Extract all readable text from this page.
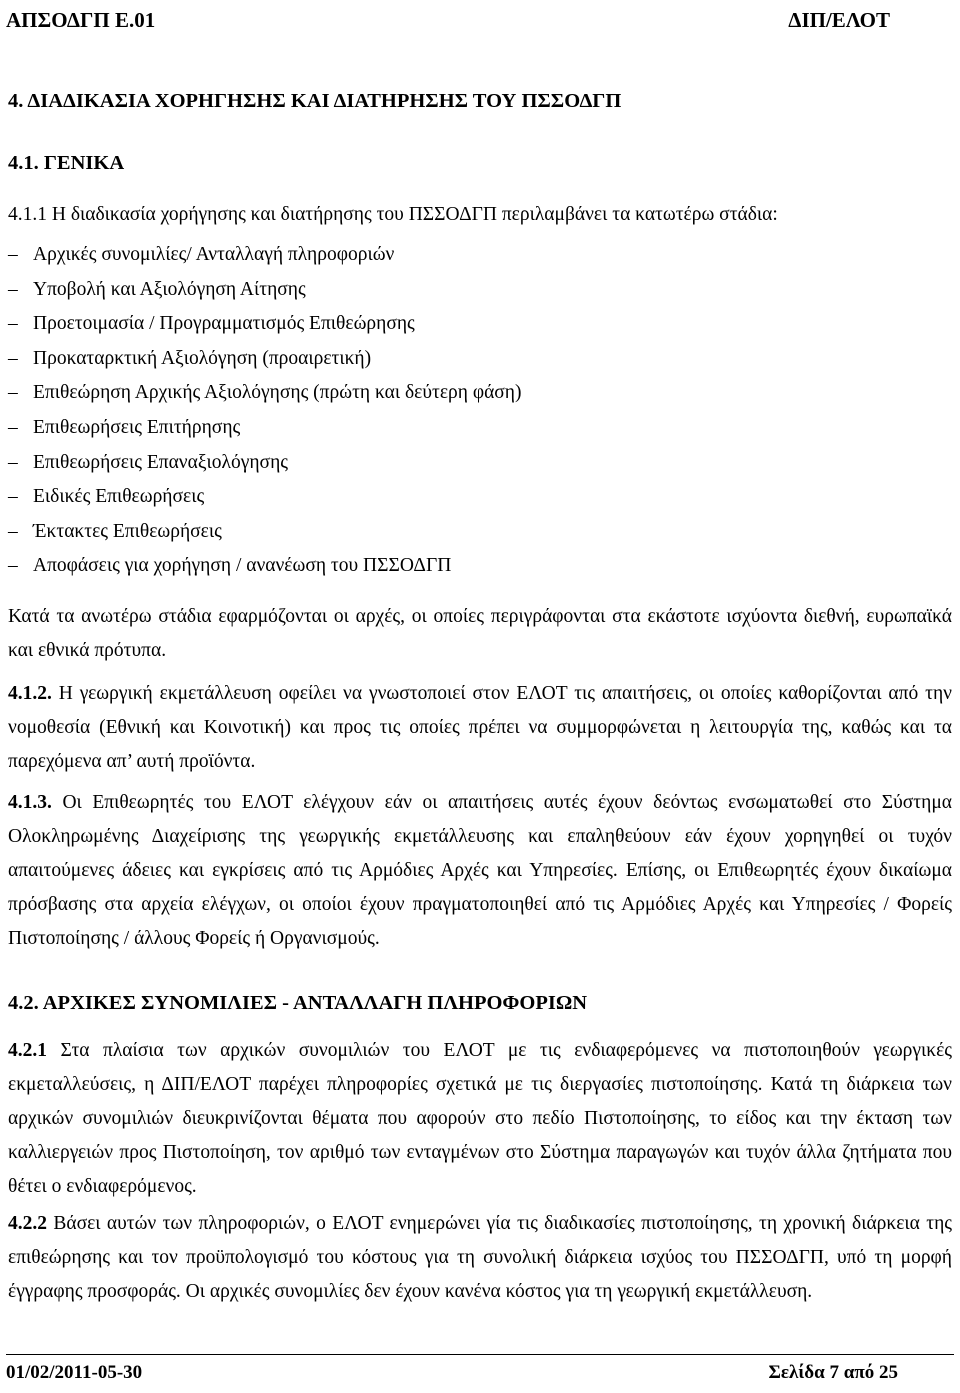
ΑΠΣΟΔΓΠ Ε.01	ΔΙΠ/ΕΛΟΤ
4. ΔΙΑΔΙΚΑΣΙΑ ΧΟΡΗΓΗΣΗΣ ΚΑΙ ΔΙΑΤΗΡΗΣΗΣ ΤΟΥ ΠΣΣΟΔΓΠ
4.1. ΓΕΝΙΚΑ
4.1.1 Η διαδικασία χορήγησης και διατήρησης του ΠΣΣΟΔΓΠ περιλαμβάνει τα κατωτέρω στάδια:
– Αρχικές συνομιλίες/ Ανταλλαγή πληροφοριών
– Υποβολή και Αξιολόγηση Αίτησης
– Προετοιμασία / Προγραμματισμός Επιθεώρησης
– Προκαταρκτική Αξιολόγηση (προαιρετική)
– Επιθεώρηση Αρχικής Αξιολόγησης (πρώτη και δεύτερη φάση)
– Επιθεωρήσεις Επιτήρησης
– Επιθεωρήσεις Επαναξιολόγησης
– Ειδικές Επιθεωρήσεις
– Έκτακτες Επιθεωρήσεις
– Αποφάσεις για χορήγηση / ανανέωση του ΠΣΣΟΔΓΠ
Κατά τα ανωτέρω στάδια εφαρμόζονται οι αρχές, οι οποίες περιγράφονται στα εκάστοτε ισχύοντα διεθνή, ευρωπαϊκά και εθνικά πρότυπα.
4.1.2. Η γεωργική εκμετάλλευση οφείλει να γνωστοποιεί στον ΕΛΟΤ τις απαιτήσεις, οι οποίες καθορίζονται από την νομοθεσία (Εθνική και Κοινοτική) και προς τις οποίες πρέπει να συμμορφώνεται η λειτουργία της, καθώς και τα παρεχόμενα απ’ αυτή προϊόντα.
4.1.3. Οι Επιθεωρητές του ΕΛΟΤ ελέγχουν εάν οι απαιτήσεις αυτές έχουν δεόντως ενσωματωθεί στο Σύστημα Ολοκληρωμένης Διαχείρισης της γεωργικής εκμετάλλευσης και επαληθεύουν εάν έχουν χορηγηθεί οι τυχόν απαιτούμενες άδειες και εγκρίσεις από τις Αρμόδιες Αρχές και Υπηρεσίες. Επίσης, οι Επιθεωρητές έχουν δικαίωμα πρόσβασης στα αρχεία ελέγχων, οι οποίοι έχουν πραγματοποιηθεί από τις Αρμόδιες Αρχές και Υπηρεσίες / Φορείς Πιστοποίησης / άλλους Φορείς ή Οργανισμούς.
4.2. ΑΡΧΙΚΕΣ ΣΥΝΟΜΙΛΙΕΣ - ΑΝΤΑΛΛΑΓΗ ΠΛΗΡΟΦΟΡΙΩΝ
4.2.1 Στα πλαίσια των αρχικών συνομιλιών του ΕΛΟΤ με τις ενδιαφερόμενες να πιστοποιηθούν γεωργικές εκμεταλλεύσεις, η ΔΙΠ/ΕΛΟΤ παρέχει πληροφορίες σχετικά με τις διεργασίες πιστοποίησης. Κατά τη διάρκεια των αρχικών συνομιλιών διευκρινίζονται θέματα που αφορούν στο πεδίο Πιστοποίησης, το είδος και την έκταση των καλλιεργειών προς Πιστοποίηση, τον αριθμό των ενταγμένων στο Σύστημα παραγωγών και τυχόν άλλα ζητήματα που θέτει ο ενδιαφερόμενος.
4.2.2 Βάσει αυτών των πληροφοριών, ο ΕΛΟΤ ενημερώνει γία τις διαδικασίες πιστοποίησης, τη χρονική διάρκεια της επιθεώρησης και τον προϋπολογισμό του κόστους για τη συνολική διάρκεια ισχύος του ΠΣΣΟΔΓΠ, υπό τη μορφή έγγραφης προσφοράς. Οι αρχικές συνομιλίες δεν έχουν κανένα κόστος για τη γεωργική εκμετάλλευση.
01/02/2011-05-30	Σελίδα 7 από 25
